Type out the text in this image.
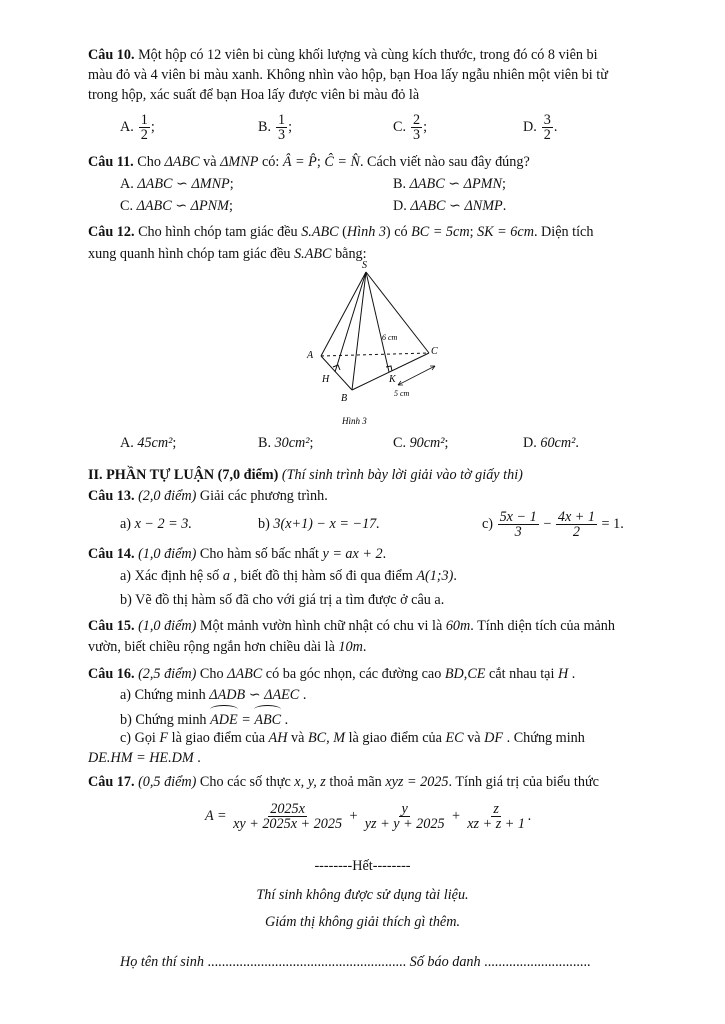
Câu 10. Một hộp có 12 viên bi cùng khối lượng và cùng kích thước, trong đó có 8 viên bi
màu đỏ và 4 viên bi màu xanh. Không nhìn vào hộp, bạn Hoa lấy ngẫu nhiên một viên bi từ
trong hộp, xác suất để bạn Hoa lấy được viên bi màu đỏ là
A. 1
2 ;	B. 1
3 ;	C. 2
3 ;	D. 3
2 .
Câu 11. Cho ΔABC và ΔMNP có: Â = P̂; Ĉ = N̂. Cách viết nào sau đây đúng?
A. ΔABC ∽ ΔMNP;	B. ΔABC ∽ ΔPMN;
C. ΔABC ∽ ΔPNM;	D. ΔABC ∽ ΔNMP.
Câu 12. Cho hình chóp tam giác đều S.ABC (Hình 3) có BC = 5cm; SK = 6cm. Diện tích
xung quanh hình chóp tam giác đều S.ABC bằng:
S
A	C
H	K
B
6 cm
5 cm
Hình 3
A. 45cm²;	B. 30cm²;	C. 90cm²;	D. 60cm².
II. PHẦN TỰ LUẬN (7,0 điểm) (Thí sinh trình bày lời giải vào tờ giấy thi)
Câu 13. (2,0 điểm) Giải các phương trình.
a) x − 2 = 3.	b) 3(x+1) − x = −17.	c)
5x − 1
3
−
$\frac{4x + 1}{2}$
= 1.
Câu 14. (1,0 điểm) Cho hàm số bấc nhất y = ax + 2.
a) Xác định hệ số a , biết đồ thị hàm số đi qua điểm A(1;3).
b) Vẽ đồ thị hàm số đã cho với giá trị a tìm được ở câu a.
Câu 15. (1,0 điểm) Một mảnh vườn hình chữ nhật có chu vi là 60m. Tính diện tích của mảnh
vườn, biết chiều rộng ngắn hơn chiều dài là 10m.
Câu 16. (2,5 điểm) Cho ΔABC có ba góc nhọn, các đường cao BD,CE cắt nhau tại H .
a) Chứng minh ΔADB ∽ ΔAEC .
b) Chứng minh ADE = ABC .
c) Gọi F là giao điểm của AH và BC, M là giao điểm của EC và DF . Chứng minh
DE.HM = HE.DM .
Câu 17. (0,5 điểm) Cho các số thực x, y, z thoả mãn xyz = 2025. Tính giá trị của biểu thức
A =
$\frac{2025x}{xy + 2025x + 2025}$
+
$\frac{y}{yz + y + 2025}$
+
$\frac{z}{xz + z + 1}$ .
--------Hết--------
Thí sinh không được sử dụng tài liệu.
Giám thị không giải thích gì thêm.
Họ tên thí sinh ........................................................ Số báo danh ..............................
